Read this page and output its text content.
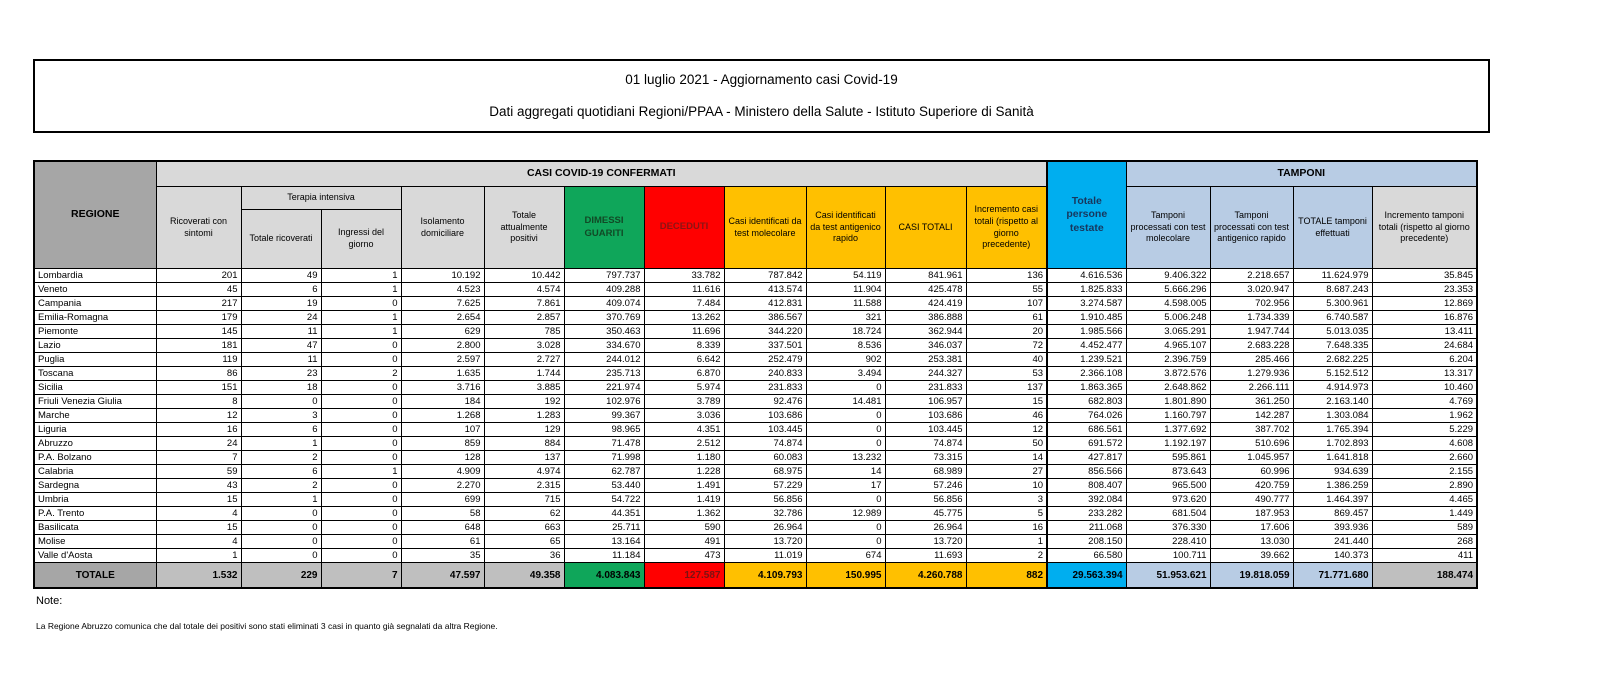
01 luglio 2021 - Aggiornamento casi Covid-19
Dati aggregati quotidiani Regioni/PPAA - Ministero della Salute - Istituto Superiore di Sanità
REGIONE	CASI COVID-19 CONFERMATI											Totale persone testate	TAMPONI			
	Ricoverati con sintomi	Terapia intensiva		Isolamento domiciliare	Totale attualmente positivi	DIMESSI GUARITI	DECEDUTI	Casi identificati da test molecolare	Casi identificati da test antigenico rapido	CASI TOTALI	Incremento casi totali (rispetto al giorno precedente)		Tamponi processati con test molecolare	Tamponi processati con test antigenico rapido	TOTALE tamponi effettuati	Incremento tamponi totali (rispetto al giorno precedente)
		Totale ricoverati	Ingressi del giorno													
Lombardia	201	49	1	10.192	10.442	797.737	33.782	787.842	54.119	841.961	136	4.616.536	9.406.322	2.218.657	11.624.979	35.845
Veneto	45	6	1	4.523	4.574	409.288	11.616	413.574	11.904	425.478	55	1.825.833	5.666.296	3.020.947	8.687.243	23.353
Campania	217	19	0	7.625	7.861	409.074	7.484	412.831	11.588	424.419	107	3.274.587	4.598.005	702.956	5.300.961	12.869
Emilia-Romagna	179	24	1	2.654	2.857	370.769	13.262	386.567	321	386.888	61	1.910.485	5.006.248	1.734.339	6.740.587	16.876
Piemonte	145	11	1	629	785	350.463	11.696	344.220	18.724	362.944	20	1.985.566	3.065.291	1.947.744	5.013.035	13.411
Lazio	181	47	0	2.800	3.028	334.670	8.339	337.501	8.536	346.037	72	4.452.477	4.965.107	2.683.228	7.648.335	24.684
Puglia	119	11	0	2.597	2.727	244.012	6.642	252.479	902	253.381	40	1.239.521	2.396.759	285.466	2.682.225	6.204
Toscana	86	23	2	1.635	1.744	235.713	6.870	240.833	3.494	244.327	53	2.366.108	3.872.576	1.279.936	5.152.512	13.317
Sicilia	151	18	0	3.716	3.885	221.974	5.974	231.833	0	231.833	137	1.863.365	2.648.862	2.266.111	4.914.973	10.460
Friuli Venezia Giulia	8	0	0	184	192	102.976	3.789	92.476	14.481	106.957	15	682.803	1.801.890	361.250	2.163.140	4.769
Marche	12	3	0	1.268	1.283	99.367	3.036	103.686	0	103.686	46	764.026	1.160.797	142.287	1.303.084	1.962
Liguria	16	6	0	107	129	98.965	4.351	103.445	0	103.445	12	686.561	1.377.692	387.702	1.765.394	5.229
Abruzzo	24	1	0	859	884	71.478	2.512	74.874	0	74.874	50	691.572	1.192.197	510.696	1.702.893	4.608
P.A. Bolzano	7	2	0	128	137	71.998	1.180	60.083	13.232	73.315	14	427.817	595.861	1.045.957	1.641.818	2.660
Calabria	59	6	1	4.909	4.974	62.787	1.228	68.975	14	68.989	27	856.566	873.643	60.996	934.639	2.155
Sardegna	43	2	0	2.270	2.315	53.440	1.491	57.229	17	57.246	10	808.407	965.500	420.759	1.386.259	2.890
Umbria	15	1	0	699	715	54.722	1.419	56.856	0	56.856	3	392.084	973.620	490.777	1.464.397	4.465
P.A. Trento	4	0	0	58	62	44.351	1.362	32.786	12.989	45.775	5	233.282	681.504	187.953	869.457	1.449
Basilicata	15	0	0	648	663	25.711	590	26.964	0	26.964	16	211.068	376.330	17.606	393.936	589
Molise	4	0	0	61	65	13.164	491	13.720	0	13.720	1	208.150	228.410	13.030	241.440	268
Valle d'Aosta	1	0	0	35	36	11.184	473	11.019	674	11.693	2	66.580	100.711	39.662	140.373	411
TOTALE	1.532	229	7	47.597	49.358	4.083.843	127.587	4.109.793	150.995	4.260.788	882	29.563.394	51.953.621	19.818.059	71.771.680	188.474
Note:
La Regione Abruzzo comunica che dal totale dei positivi sono stati eliminati 3 casi in quanto già segnalati da altra Regione.
